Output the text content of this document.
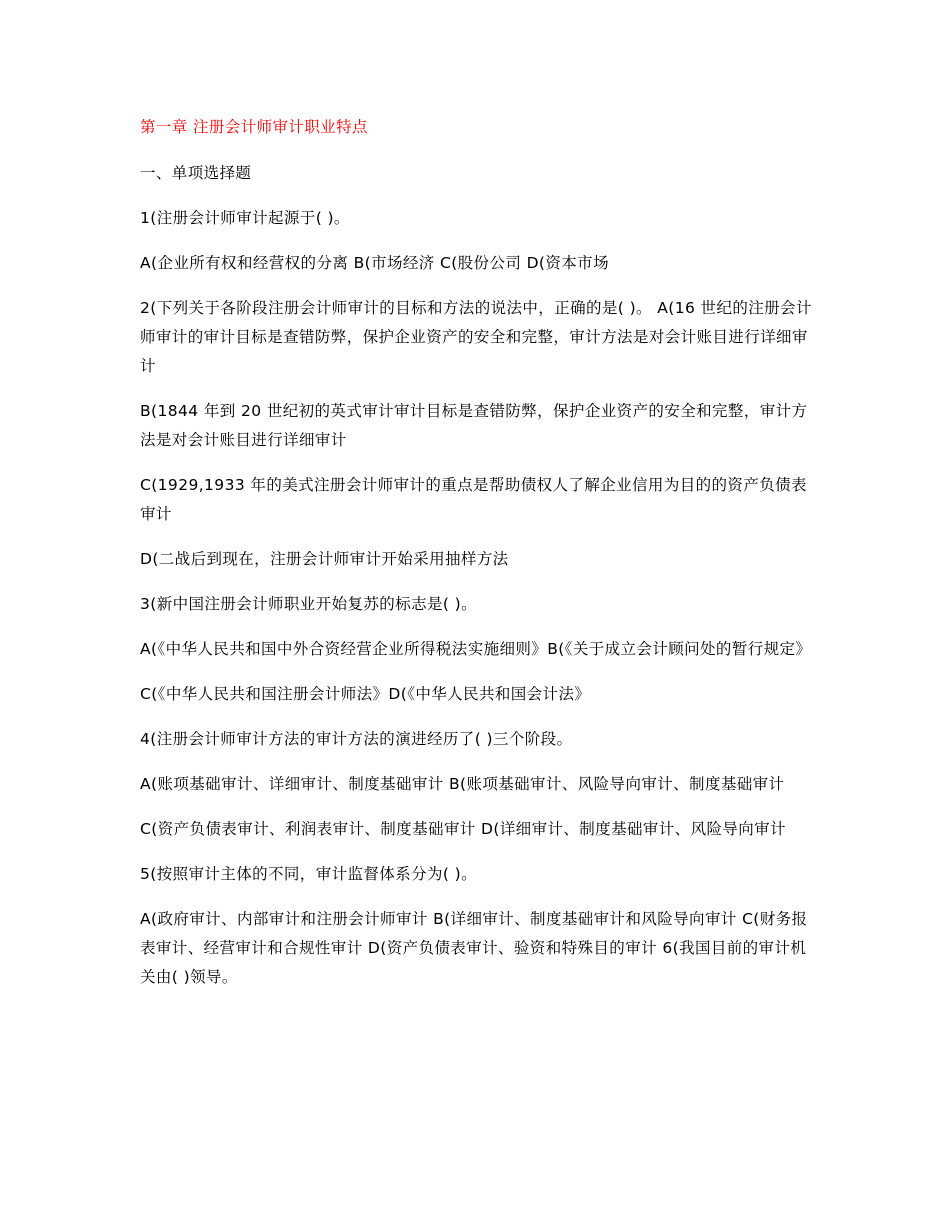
第一章 注册会计师审计职业特点
一、单项选择题
1(注册会计师审计起源于( )。
A(企业所有权和经营权的分离 B(市场经济 C(股份公司 D(资本市场
2(下列关于各阶段注册会计师审计的目标和方法的说法中，正确的是( )。 A(16 世纪的注册会计师审计的审计目标是查错防弊，保护企业资产的安全和完整，审计方法是对会计账目进行详细审计
B(1844 年到 20 世纪初的英式审计审计目标是查错防弊，保护企业资产的安全和完整，审计方法是对会计账目进行详细审计
C(1929,1933 年的美式注册会计师审计的重点是帮助债权人了解企业信用为目的的资产负债表审计
D(二战后到现在，注册会计师审计开始采用抽样方法
3(新中国注册会计师职业开始复苏的标志是( )。
A(《中华人民共和国中外合资经营企业所得税法实施细则》B(《关于成立会计顾问处的暂行规定》
C(《中华人民共和国注册会计师法》D(《中华人民共和国会计法》
4(注册会计师审计方法的审计方法的演进经历了( )三个阶段。
A(账项基础审计、详细审计、制度基础审计 B(账项基础审计、风险导向审计、制度基础审计
C(资产负债表审计、利润表审计、制度基础审计 D(详细审计、制度基础审计、风险导向审计
5(按照审计主体的不同，审计监督体系分为( )。
A(政府审计、内部审计和注册会计师审计 B(详细审计、制度基础审计和风险导向审计 C(财务报表审计、经营审计和合规性审计 D(资产负债表审计、验资和特殊目的审计 6(我国目前的审计机关由( )领导。
